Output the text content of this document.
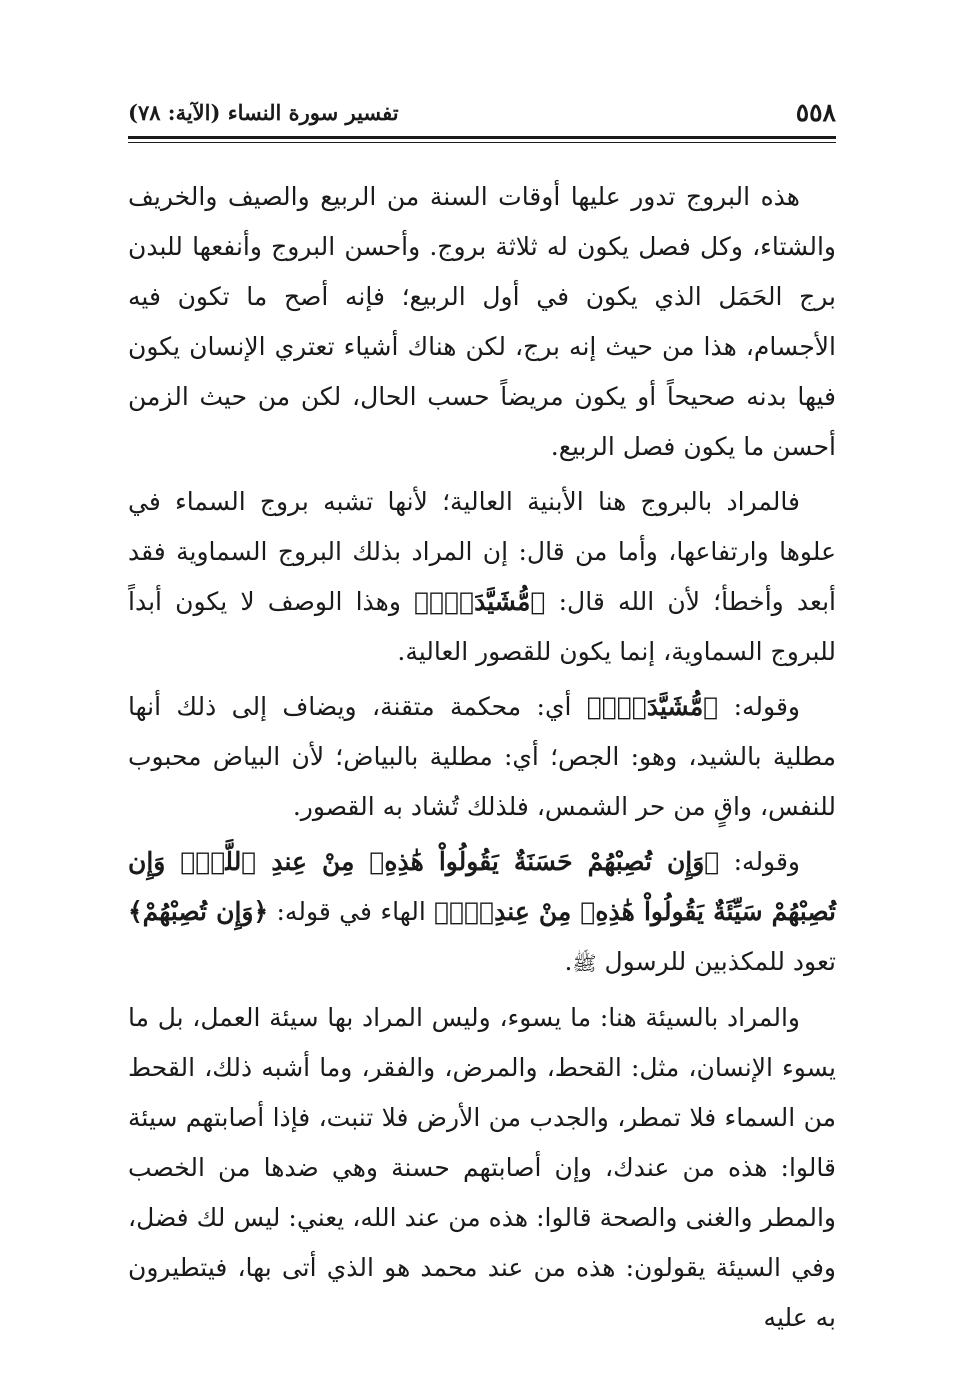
٥٥٨
تفسير سورة النساء (الآية: ٧٨)

هذه البروج تدور عليها أوقات السنة من الربيع والصيف والخريف والشتاء، وكل فصل يكون له ثلاثة بروج. وأحسن البروج وأنفعها للبدن برج الحَمَل الذي يكون في أول الربيع؛ فإنه أصح ما تكون فيه الأجسام، هذا من حيث إنه برج، لكن هناك أشياء تعتري الإنسان يكون فيها بدنه صحيحاً أو يكون مريضاً حسب الحال، لكن من حيث الزمن أحسن ما يكون فصل الربيع.

فالمراد بالبروج هنا الأبنية العالية؛ لأنها تشبه بروج السماء في علوها وارتفاعها، وأما من قال: إن المراد بذلك البروج السماوية فقد أبعد وأخطأ؛ لأن الله قال: ﴿مُّشَيَّدَةٍۗ﴾ وهذا الوصف لا يكون أبداً للبروج السماوية، إنما يكون للقصور العالية.

وقوله: ﴿مُّشَيَّدَةٍۗ﴾ أي: محكمة متقنة، ويضاف إلى ذلك أنها مطلية بالشيد، وهو: الجص؛ أي: مطلية بالبياض؛ لأن البياض محبوب للنفس، واقٍ من حر الشمس، فلذلك تُشاد به القصور.

وقوله: ﴿وَإِن تُصِبْهُمْ حَسَنَةٌ يَقُولُواْ هَٰذِهِۦ مِنْ عِندِ ٱللَّهِۖ وَإِن تُصِبْهُمْ سَيِّئَةٌ يَقُولُواْ هَٰذِهِۦ مِنْ عِندِكَۚ﴾ الهاء في قوله: ﴿وَإِن تُصِبْهُمْ﴾ تعود للمكذبين للرسول ﷺ.

والمراد بالسيئة هنا: ما يسوء، وليس المراد بها سيئة العمل، بل ما يسوء الإنسان، مثل: القحط، والمرض، والفقر، وما أشبه ذلك، القحط من السماء فلا تمطر، والجدب من الأرض فلا تنبت، فإذا أصابتهم سيئة قالوا: هذه من عندك، وإن أصابتهم حسنة وهي ضدها من الخصب والمطر والغنى والصحة قالوا: هذه من عند الله، يعني: ليس لك فضل، وفي السيئة يقولون: هذه من عند محمد هو الذي أتى بها، فيتطيرون به عليه
